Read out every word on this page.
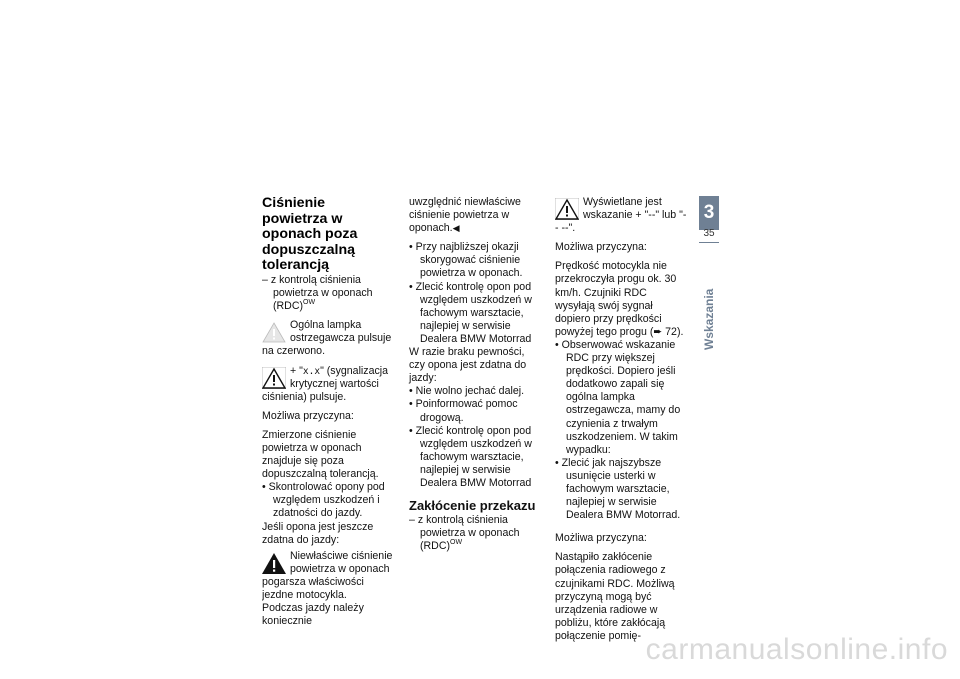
Ciśnienie powietrza w oponach poza dopuszczalną tolerancją

– z kontrolą ciśnienia powietrza w oponach (RDC)$^{OW}$

Ogólna lampka ostrzegawcza pulsuje na czerwono.

+ "x.x" (sygnalizacja krytycznej wartości ciśnienia) pulsuje.

Możliwa przyczyna:

Zmierzone ciśnienie powietrza w oponach znajduje się poza dopuszczalną tolerancją.

• Skontrolować opony pod względem uszkodzeń i zdatności do jazdy.

Jeśli opona jest jeszcze zdatna do jazdy:

Niewłaściwe ciśnienie powietrza w oponach pogarsza właściwości jezdne motocykla.

Podczas jazdy należy koniecznie

uwzględnić niewłaściwe ciśnienie powietrza w oponach.◀

• Przy najbliższej okazji skorygować ciśnienie powietrza w oponach.

• Zlecić kontrolę opon pod względem uszkodzeń w fachowym warsztacie, najlepiej w serwisie Dealera BMW Motorrad

W razie braku pewności, czy opona jest zdatna do jazdy:

• Nie wolno jechać dalej.

• Poinformować pomoc drogową.

• Zlecić kontrolę opon pod względem uszkodzeń w fachowym warsztacie, najlepiej w serwisie Dealera BMW Motorrad

Zakłócenie przekazu

– z kontrolą ciśnienia powietrza w oponach (RDC)$^{OW}$

Wyświetlane jest wskazanie + "--" lub "-- --".

Możliwa przyczyna:

Prędkość motocykla nie przekroczyła progu ok. 30 km/h. Czujniki RDC wysyłają swój sygnał dopiero przy prędkości powyżej tego progu (➨ 72).

• Obserwować wskazanie RDC przy większej prędkości. Dopiero jeśli dodatkowo zapali się ogólna lampka ostrzegawcza, mamy do czynienia z trwałym uszkodzeniem. W takim wypadku:

• Zlecić jak najszybsze usunięcie usterki w fachowym warsztacie, najlepiej w serwisie Dealera BMW Motorrad.

Możliwa przyczyna:

Nastąpiło zakłócenie połączenia radiowego z czujnikami RDC. Możliwą przyczyną mogą być urządzenia radiowe w pobliżu, które zakłócają połączenie pomię-

3
35
Wskazania
carmanualsonline.info
